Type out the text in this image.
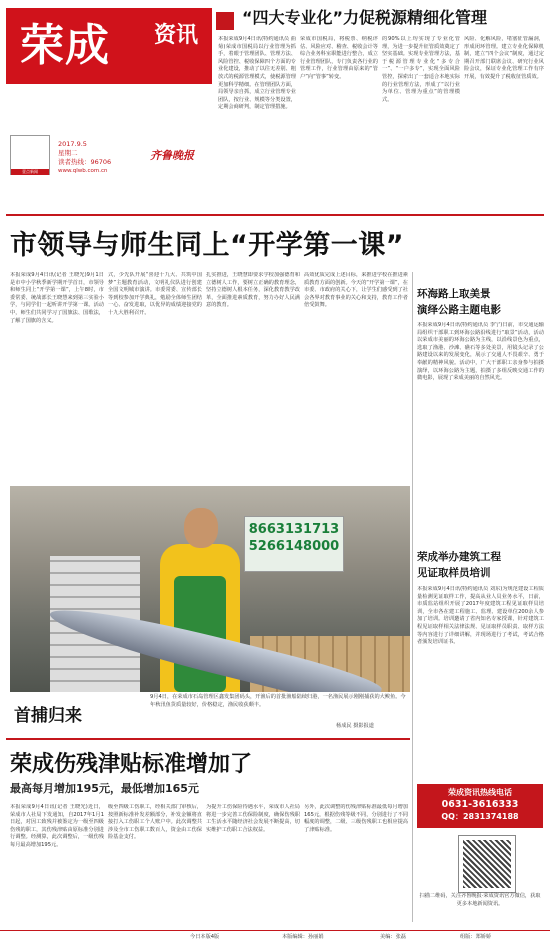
荣成 资讯
壹点新闻
2017.9.5
星期二
读者热线：96706
www.qlwb.com.cn
齐鲁晚报
“四大专业化”力促税源精细化管理
本报荣成9月4日讯(特约通讯员 曲菊)荣成市国税局以行业管理为抓手，着眼于管理团队、管理方法、风险管控、税收保障四个方面的专业化建设，推动了以往无差别、粗放式的税源管理模式，使税源管理更加科学精细。在管理团队方面，局领导亲自抓，成立行业管理专业团队，按行业、规模等分类设置，定期会商研判，制定管理措施。
荣成市国税局，将税票、纳税评估、风险应对、稽查、税收会计等综合业务科室职能进行整合，成立行业管理团队，专门负责各行业的管理工作，行业管理由原来的“管户”向“管事”转变。
的90%以上均实现了专业化管理，为进一步提升征管质效奠定了坚实基础。实现专业管理方法，基于税源管理专业化“多专合一”、“一户多专”，实现全面风险管控，探索出了一套适合本地实际的行业管理方法，形成了“以行业为单位、管理为重点”的管理模式。
风险、化解风险，堵塞征管漏洞，形成闭环管理。建立专业化保障机制，建立“四个会议”制度，通过定期召开部门联席会议、研究行业风险会议，保证专业化管理工作有序开展，有效提升了税收征管质效。
市领导与师生同上“开学第一课”
本报荣成9月4日讯(记者 王晓光)9月1日是市中小学秋季新学期开学首日，市领导和师生同上“开学第一课”，上午8时，市委常委、统战部长王晓慧来到第三实验小学，与同学们一起听讲开学第一课。活动中，师生们共同学习了国旗法、国歌法，了解了国旗的含义。
式，少先队开展“喜迎十九大、共筑中国梦”主题教育活动，文明礼仪队进行创建全国文明城市演讲。市委常委、宣传部长等到校参加开学典礼，勉励全体师生团结一心、奋发进取，以优异的成绩迎接党的十九大胜利召开。
扎实推进，王晓慧即要求学校加强德育和立德树人工作，要树立正确的教育理念，坚持立德树人根本任务，深化教育教学改革，全面推进素质教育，努力办好人民满意的教育。
高效优质完成上述目标，来推进学校在推进素质教育方面的创新。今天的“开学第一课”，在市委、市政府的关心下，让学生们感受到了社会各界对教育事业的关心和支持，教育工作者倍受鼓舞。
环海路上取美景
演绎公路主题电影
本报荣成9月4日讯(特约通讯员 李宁)日前，市交通运输局组织干部职工到环海公路沿线进行“取景”活动，活动以荣成市美丽的环海公路为主线，以沿线景色为重点，选取了渔港、沙滩、礁石等多处美景，用镜头记录了公路建设以来的发展变化，展示了交通人不畏艰辛、勇于奉献的精神风貌。活动中，广大干部职工亲身参与拍摄演绎，以环海公路为主题，拍摄了多组反映交通工作的微电影，展现了荣成美丽的自然风光。
荣成举办建筑工程
见证取样员培训
本报荣成9月4日讯(特约通讯员 刘东)为规范建设工程质量检测见证取样工作，提高从业人员业务水平，日前，市质监站组织开展了2017年度建筑工程见证取样员培训，全市各在建工程施工、监理、建设单位200余人参加了培训。培训邀请了省内知名专家授课，针对建筑工程见证取样相关法律法规、见证取样员职责、取样方法等内容进行了详细讲解，并现场进行了考试，考试合格者颁发培训证书。
8663131713
5266148000
首捕归来
9月4日，在荣成市石岛管理区鑫发集团码头，开渔后的首批渔船陆续归港，一名渔民展示刚刚捕获的大鲅鱼。今年秋汛鱼货质量较好，价格稳定，渔民收获颇丰。
杨成民 摄影报道
荣成伤残津贴标准增加了
最高每月增加195元，最低增加165元
本报荣成9月4日讯(记者 王晓光)近日，荣成市人社局下发通知，自2017年1月1日起，对因工致残并被鉴定为一级至四级伤残的职工，其伤残津贴由原标准分别进行调整。经测算，此次调整后，一级伤残每月最高增加195元。
级至四级工伤职工，经相关部门审核后，按照新标准补发差额部分，补发金额将直接打入工伤职工个人账户中。此次调整共涉及全市工伤职工数百人，资金由工伤保险基金支付。
为提升工伤保险待遇水平，荣成市人社局将进一步完善工伤保险制度，确保伤残职工生活水平随经济社会发展不断提高，切实维护工伤职工合法权益。
另外，此次调整的伤残津贴标准最低每月增加165元，根据伤残等级不同，分别进行了不同幅度的调整，二级、三级伤残职工也相应提高了津贴标准。
荣成资讯热线电话
0631-3616333
QQ：2831374188
扫描二维码，关注齐鲁晚报·荣成资讯官方微信，获取更多本地新闻资讯。
今日本版4版	本版编辑：孙丽娟	美编：张磊	组版：郑娇娇
